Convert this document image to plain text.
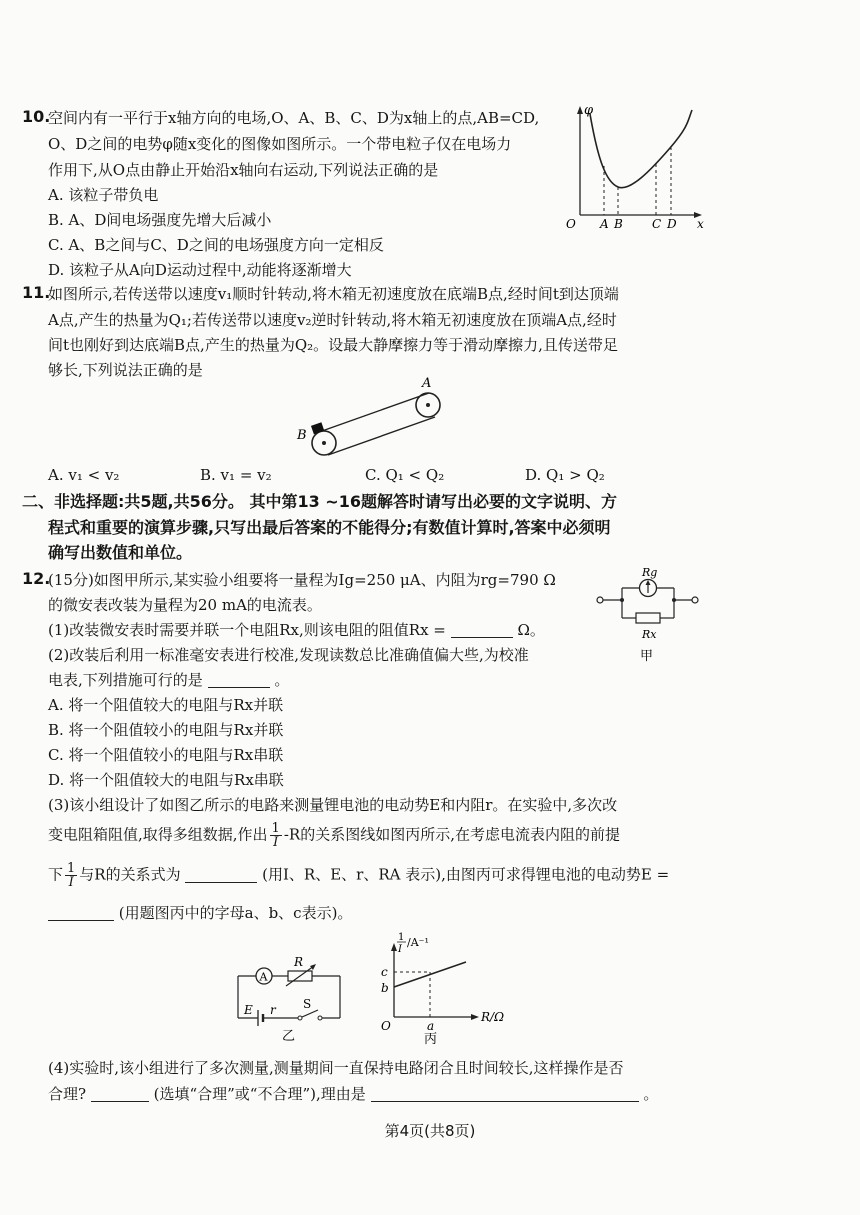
10.
空间内有一平行于x轴方向的电场,O、A、B、C、D为x轴上的点,AB=CD,
O、D之间的电势φ随x变化的图像如图所示。一个带电粒子仅在电场力
作用下,从O点由静止开始沿x轴向右运动,下列说法正确的是
A. 该粒子带负电
B. A、D间电场强度先增大后减小
C. A、B之间与C、D之间的电场强度方向一定相反
D. 该粒子从A向D运动过程中,动能将逐渐增大
φ
x
O A B C D
11.
如图所示,若传送带以速度v₁顺时针转动,将木箱无初速度放在底端B点,经时间t到达顶端
A点,产生的热量为Q₁;若传送带以速度v₂逆时针转动,将木箱无初速度放在顶端A点,经时
间t也刚好到达底端B点,产生的热量为Q₂。设最大静摩擦力等于滑动摩擦力,且传送带足
够长,下列说法正确的是
A
B
A. v₁ < v₂	B. v₁ = v₂	C. Q₁ < Q₂	D. Q₁ > Q₂
二、非选择题:共5题,共56分。 其中第13 ~16题解答时请写出必要的文字说明、方
程式和重要的演算步骤,只写出最后答案的不能得分;有数值计算时,答案中必须明
确写出数值和单位。
12.
(15分)如图甲所示,某实验小组要将一量程为Ig=250 μA、内阻为rg=790 Ω
的微安表改装为量程为20 mA的电流表。
(1)改装微安表时需要并联一个电阻Rx,则该电阻的阻值Rx =	Ω。
(2)改装后利用一标准毫安表进行校准,发现读数总比准确值偏大些,为校准
电表,下列措施可行的是	。
A. 将一个阻值较大的电阻与Rx并联
B. 将一个阻值较小的电阻与Rx并联
C. 将一个阻值较小的电阻与Rx串联
D. 将一个阻值较大的电阻与Rx串联
Rg
Rx
甲
(3)该小组设计了如图乙所示的电路来测量锂电池的电动势E和内阻r。在实验中,多次改
变电阻箱阻值,取得多组数据,作出 $\frac{1}{I} -R$的关系图线如图丙所示,在考虑电流表内阻的前提
下 $\frac{1}{I}$ 与R的关系式为	(用I、R、E、r、RA 表示),由图丙可求得锂电池的电动势E =
(用题图丙中的字母a、b、c表示)。
A
R
E r S
乙
1
I
/A⁻¹
R/Ω
O
c
b
a
丙
(4)实验时,该小组进行了多次测量,测量期间一直保持电路闭合且时间较长,这样操作是否
合理?	(选填“合理”或“不合理”),理由是	。
第4页(共8页)
